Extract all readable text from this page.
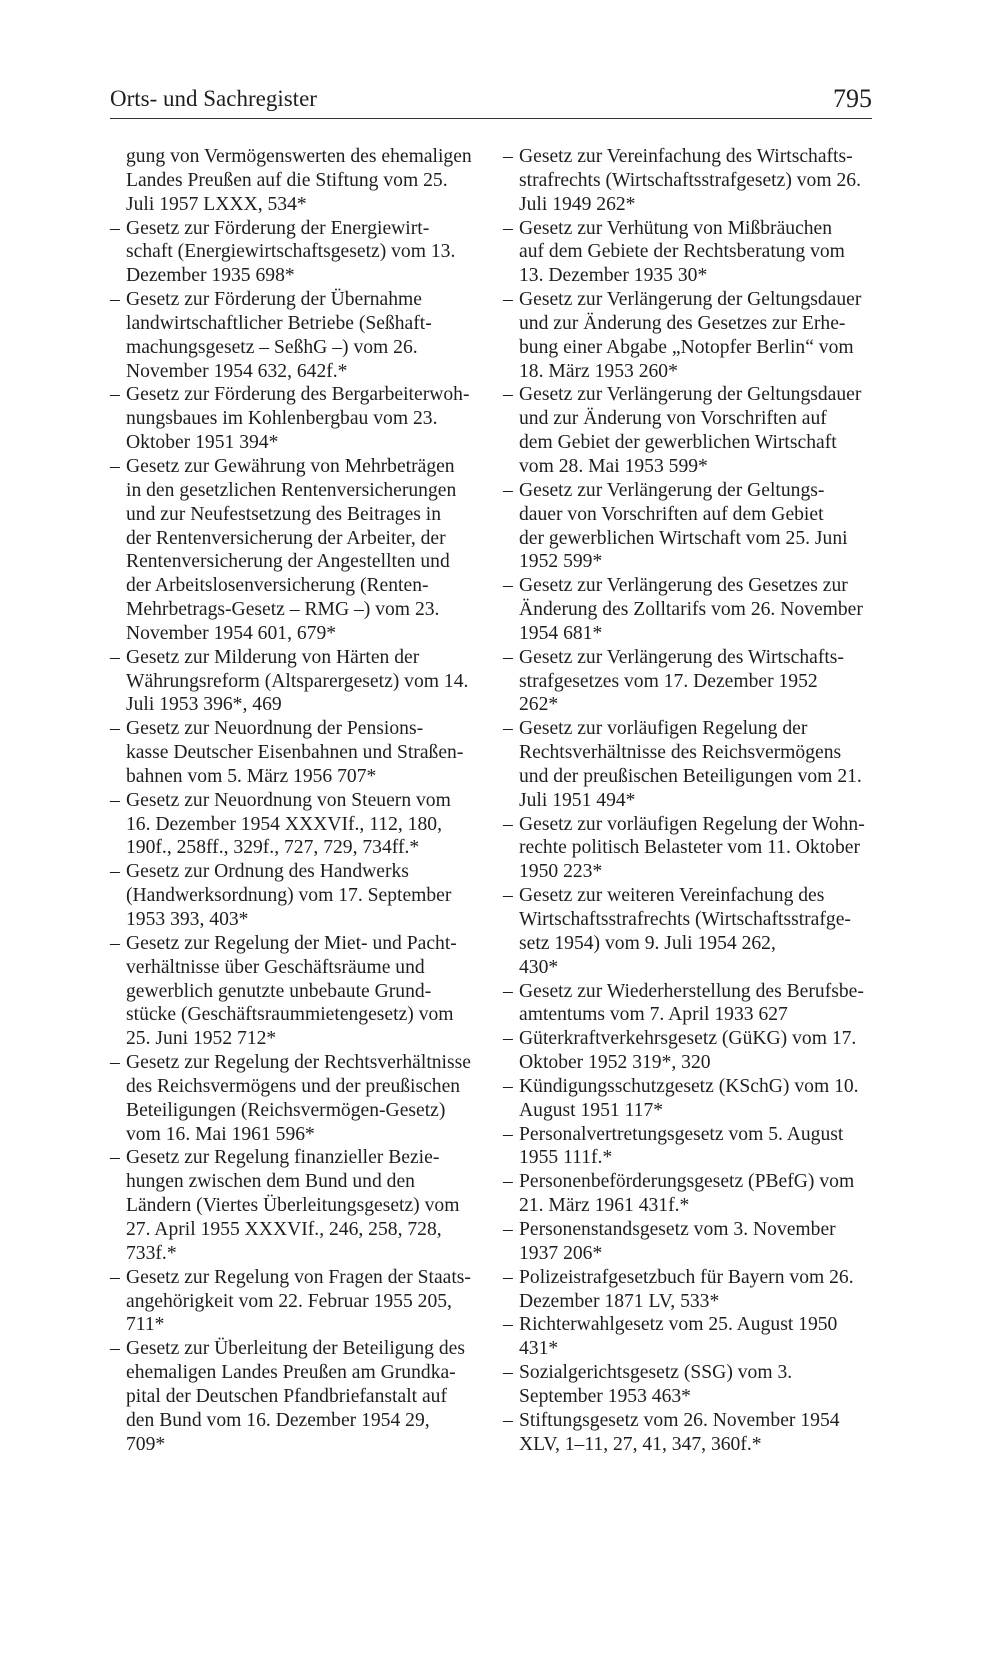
Orts- und Sachregister	795
gung von Vermögenswerten des ehemaligen
Landes Preußen auf die Stiftung vom 25.
Juli 1957 LXXX, 534*
– Gesetz zur Förderung der Energiewirt-
schaft (Energiewirtschaftsgesetz) vom 13.
Dezember 1935 698*
– Gesetz zur Förderung der Übernahme
landwirtschaftlicher Betriebe (Seßhaft-
machungsgesetz – SeßhG –) vom 26.
November 1954 632, 642f.*
– Gesetz zur Förderung des Bergarbeiterwoh-
nungsbaues im Kohlenbergbau vom 23.
Oktober 1951 394*
– Gesetz zur Gewährung von Mehrbeträgen
in den gesetzlichen Rentenversicherungen
und zur Neufestsetzung des Beitrages in
der Rentenversicherung der Arbeiter, der
Rentenversicherung der Angestellten und
der Arbeitslosenversicherung (Renten-
Mehrbetrags-Gesetz – RMG –) vom 23.
November 1954 601, 679*
– Gesetz zur Milderung von Härten der
Währungsreform (Altsparergesetz) vom 14.
Juli 1953 396*, 469
– Gesetz zur Neuordnung der Pensions-
kasse Deutscher Eisenbahnen und Straßen-
bahnen vom 5. März 1956 707*
– Gesetz zur Neuordnung von Steuern vom
16. Dezember 1954 XXXVIf., 112, 180,
190f., 258ff., 329f., 727, 729, 734ff.*
– Gesetz zur Ordnung des Handwerks
(Handwerksordnung) vom 17. September
1953 393, 403*
– Gesetz zur Regelung der Miet- und Pacht-
verhältnisse über Geschäftsräume und
gewerblich genutzte unbebaute Grund-
stücke (Geschäftsraummietengesetz) vom
25. Juni 1952 712*
– Gesetz zur Regelung der Rechtsverhältnisse
des Reichsvermögens und der preußischen
Beteiligungen (Reichsvermögen-Gesetz)
vom 16. Mai 1961 596*
– Gesetz zur Regelung finanzieller Bezie-
hungen zwischen dem Bund und den
Ländern (Viertes Überleitungsgesetz) vom
27. April 1955 XXXVIf., 246, 258, 728,
733f.*
– Gesetz zur Regelung von Fragen der Staats-
angehörigkeit vom 22. Februar 1955 205,
711*
– Gesetz zur Überleitung der Beteiligung des
ehemaligen Landes Preußen am Grundka-
pital der Deutschen Pfandbriefanstalt auf
den Bund vom 16. Dezember 1954 29,
709*
– Gesetz zur Vereinfachung des Wirtschafts-
strafrechts (Wirtschaftsstrafgesetz) vom 26.
Juli 1949 262*
– Gesetz zur Verhütung von Mißbräuchen
auf dem Gebiete der Rechtsberatung vom
13. Dezember 1935 30*
– Gesetz zur Verlängerung der Geltungsdauer
und zur Änderung des Gesetzes zur Erhe-
bung einer Abgabe „Notopfer Berlin“ vom
18. März 1953 260*
– Gesetz zur Verlängerung der Geltungsdauer
und zur Änderung von Vorschriften auf
dem Gebiet der gewerblichen Wirtschaft
vom 28. Mai 1953 599*
– Gesetz zur Verlängerung der Geltungs-
dauer von Vorschriften auf dem Gebiet
der gewerblichen Wirtschaft vom 25. Juni
1952 599*
– Gesetz zur Verlängerung des Gesetzes zur
Änderung des Zolltarifs vom 26. November
1954 681*
– Gesetz zur Verlängerung des Wirtschafts-
strafgesetzes vom 17. Dezember 1952
262*
– Gesetz zur vorläufigen Regelung der
Rechtsverhältnisse des Reichsvermögens
und der preußischen Beteiligungen vom 21.
Juli 1951 494*
– Gesetz zur vorläufigen Regelung der Wohn-
rechte politisch Belasteter vom 11. Oktober
1950 223*
– Gesetz zur weiteren Vereinfachung des
Wirtschaftsstrafrechts (Wirtschaftsstrafge-
setz 1954) vom 9. Juli 1954 262,
430*
– Gesetz zur Wiederherstellung des Berufsbe-
amtentums vom 7. April 1933 627
– Güterkraftverkehrsgesetz (GüKG) vom 17.
Oktober 1952 319*, 320
– Kündigungsschutzgesetz (KSchG) vom 10.
August 1951 117*
– Personalvertretungsgesetz vom 5. August
1955 111f.*
– Personenbeförderungsgesetz (PBefG) vom
21. März 1961 431f.*
– Personenstandsgesetz vom 3. November
1937 206*
– Polizeistrafgesetzbuch für Bayern vom 26.
Dezember 1871 LV, 533*
– Richterwahlgesetz vom 25. August 1950
431*
– Sozialgerichtsgesetz (SSG) vom 3.
September 1953 463*
– Stiftungsgesetz vom 26. November 1954
XLV, 1–11, 27, 41, 347, 360f.*
